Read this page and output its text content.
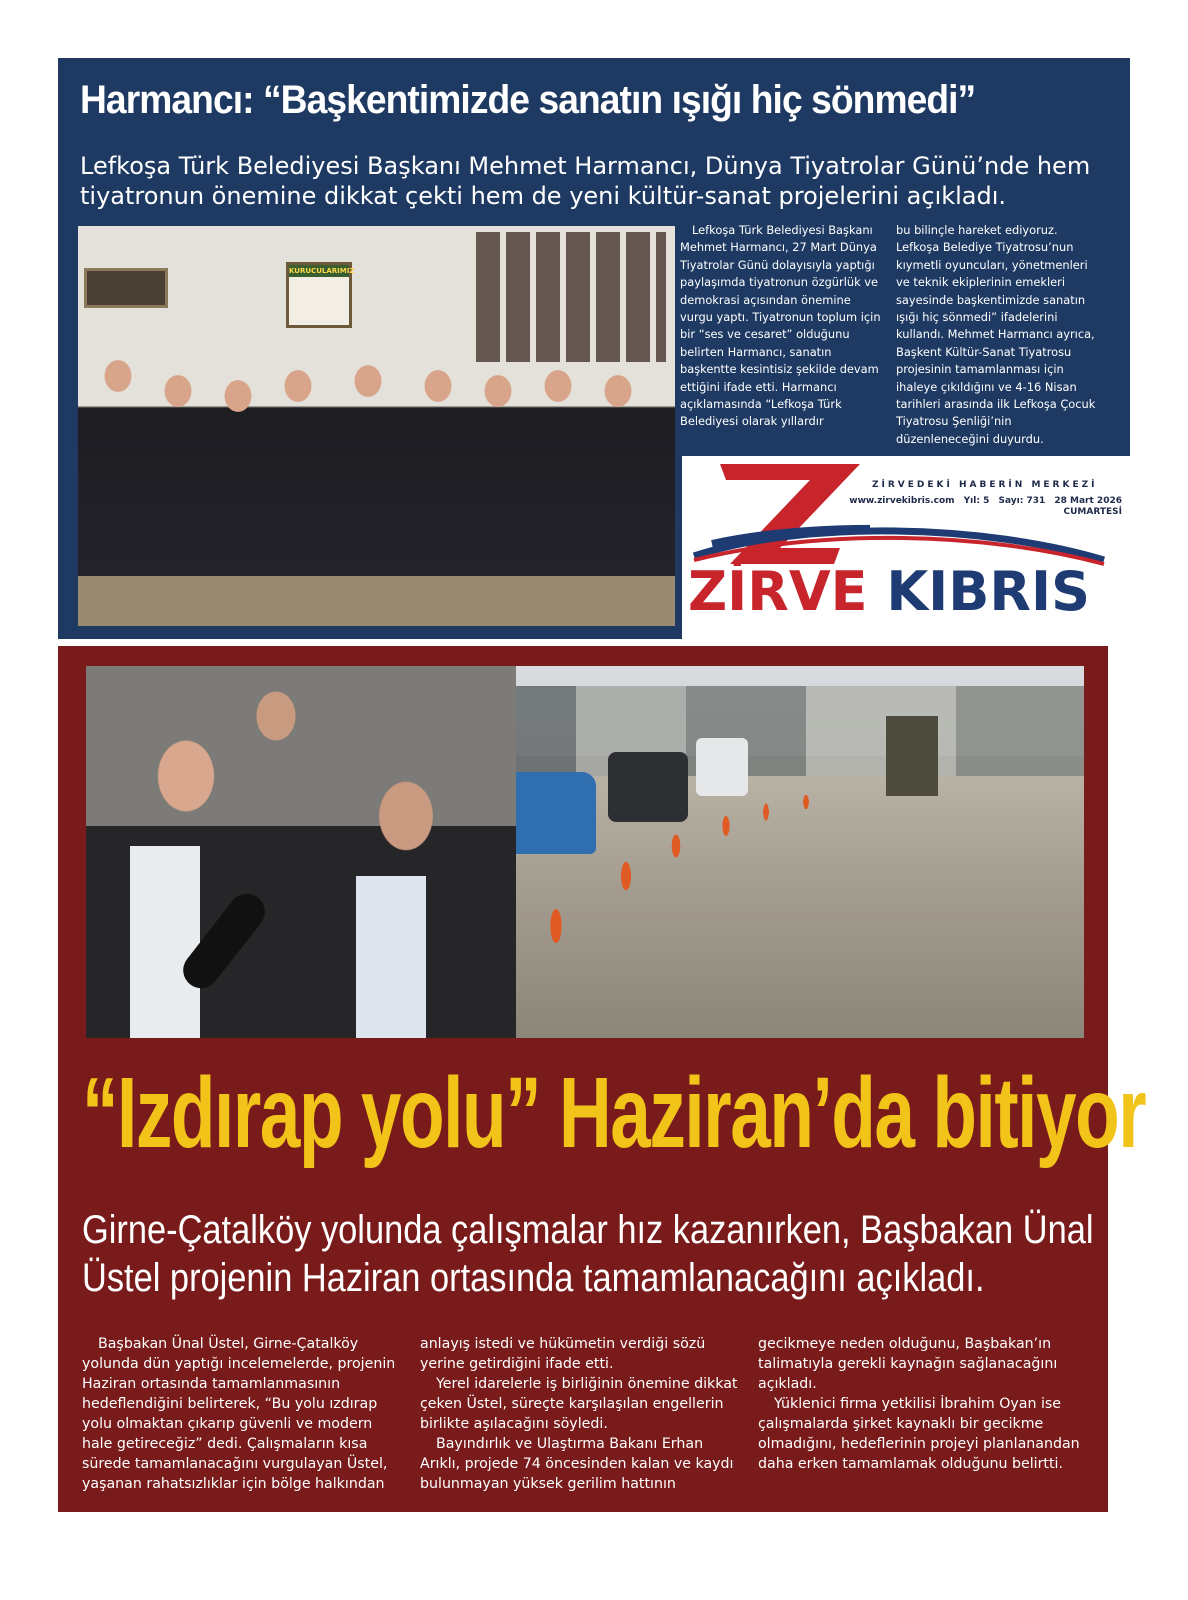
Harmancı: “Başkentimizde sanatın ışığı hiç sönmedi”

Lefkoşa Türk Belediyesi Başkanı Mehmet Harmancı, Dünya Tiyatrolar Günü’nde hem tiyatronun önemine dikkat çekti hem de yeni kültür-sanat projelerini açıkladı.

KURUCULARIMIZ

Lefkoşa Türk Belediyesi Başkanı Mehmet Harmancı, 27 Mart Dünya Tiyatrolar Günü dolayısıyla yaptığı paylaşımda tiyatronun özgürlük ve demokrasi açısından önemine vurgu yaptı. Tiyatronun toplum için bir “ses ve cesaret” olduğunu belirten Harmancı, sanatın başkentte kesintisiz şekilde devam ettiğini ifade etti. Harmancı açıklamasında “Lefkoşa Türk Belediyesi olarak yıllardır

bu bilinçle hareket ediyoruz. Lefkoşa Belediye Tiyatrosu’nun kıymetli oyuncuları, yönetmenleri ve teknik ekiplerinin emekleri sayesinde başkentimizde sanatın ışığı hiç sönmedi” ifadelerini kullandı. Mehmet Harmancı ayrıca, Başkent Kültür-Sanat Tiyatrosu projesinin tamamlanması için ihaleye çıkıldığını ve 4-16 Nisan tarihleri arasında ilk Lefkoşa Çocuk Tiyatrosu Şenliği’nin düzenleneceğini duyurdu.

ZİRVEDEKİ HABERİN MERKEZİ
www.zirvekibris.com Yıl: 5 Sayı: 731 28 Mart 2026
CUMARTESİ
ZİRVE KIBRIS
“Izdırap yolu” Haziran’da bitiyor
Girne-Çatalköy yolunda çalışmalar hız kazanırken, Başbakan Ünal
Üstel projenin Haziran ortasında tamamlanacağını açıkladı.

Başbakan Ünal Üstel, Girne-Çatalköy yolunda dün yaptığı incelemelerde, projenin Haziran ortasında tamamlanmasının hedeflendiğini belirterek, “Bu yolu ızdırap yolu olmaktan çıkarıp güvenli ve modern hale getireceğiz” dedi. Çalışmaların kısa sürede tamamlanacağını vurgulayan Üstel, yaşanan rahatsızlıklar için bölge halkından

anlayış istedi ve hükümetin verdiği sözü yerine getirdiğini ifade etti.

Yerel idarelerle iş birliğinin önemine dikkat çeken Üstel, süreçte karşılaşılan engellerin birlikte aşılacağını söyledi.

Bayındırlık ve Ulaştırma Bakanı Erhan Arıklı, projede 74 öncesinden kalan ve kaydı bulunmayan yüksek gerilim hattının

gecikmeye neden olduğunu, Başbakan’ın talimatıyla gerekli kaynağın sağlanacağını açıkladı.

Yüklenici firma yetkilisi İbrahim Oyan ise çalışmalarda şirket kaynaklı bir gecikme olmadığını, hedeflerinin projeyi planlanandan daha erken tamamlamak olduğunu belirtti.
